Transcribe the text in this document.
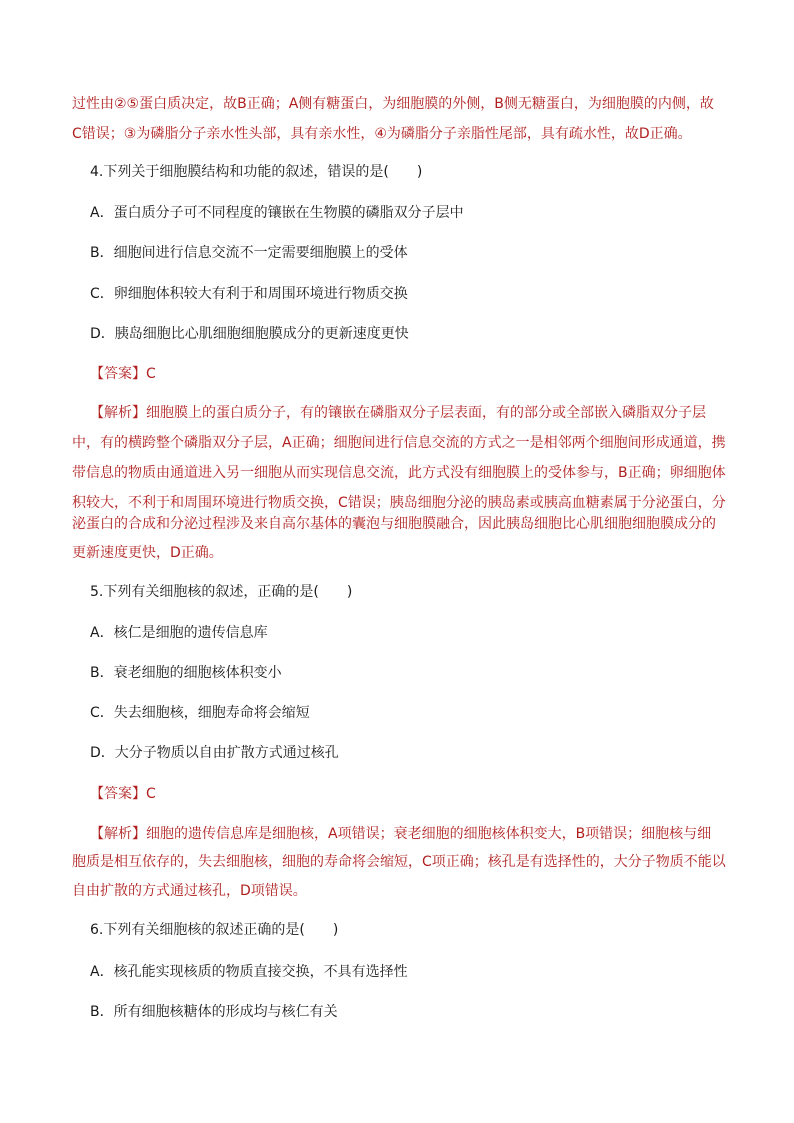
过性由②⑤蛋白质决定，故B正确；A侧有糖蛋白，为细胞膜的外侧，B侧无糖蛋白，为细胞膜的内侧，故
C错误；③为磷脂分子亲水性头部，具有亲水性，④为磷脂分子亲脂性尾部，具有疏水性，故D正确。
4.下列关于细胞膜结构和功能的叙述，错误的是(　　)
A．蛋白质分子可不同程度的镶嵌在生物膜的磷脂双分子层中
B．细胞间进行信息交流不一定需要细胞膜上的受体
C．卵细胞体积较大有利于和周围环境进行物质交换
D．胰岛细胞比心肌细胞细胞膜成分的更新速度更快
【答案】C
【解析】细胞膜上的蛋白质分子，有的镶嵌在磷脂双分子层表面，有的部分或全部嵌入磷脂双分子层
中，有的横跨整个磷脂双分子层，A正确；细胞间进行信息交流的方式之一是相邻两个细胞间形成通道，携
带信息的物质由通道进入另一细胞从而实现信息交流，此方式没有细胞膜上的受体参与，B正确；卵细胞体
积较大，不利于和周围环境进行物质交换，C错误；胰岛细胞分泌的胰岛素或胰高血糖素属于分泌蛋白，分
泌蛋白的合成和分泌过程涉及来自高尔基体的囊泡与细胞膜融合，因此胰岛细胞比心肌细胞细胞膜成分的
更新速度更快，D正确。
5.下列有关细胞核的叙述，正确的是(　　)
A．核仁是细胞的遗传信息库
B．衰老细胞的细胞核体积变小
C．失去细胞核，细胞寿命将会缩短
D．大分子物质以自由扩散方式通过核孔
【答案】C
【解析】细胞的遗传信息库是细胞核，A项错误；衰老细胞的细胞核体积变大，B项错误；细胞核与细
胞质是相互依存的，失去细胞核，细胞的寿命将会缩短，C项正确；核孔是有选择性的，大分子物质不能以
自由扩散的方式通过核孔，D项错误。
6.下列有关细胞核的叙述正确的是(　　)
A．核孔能实现核质的物质直接交换，不具有选择性
B．所有细胞核糖体的形成均与核仁有关
